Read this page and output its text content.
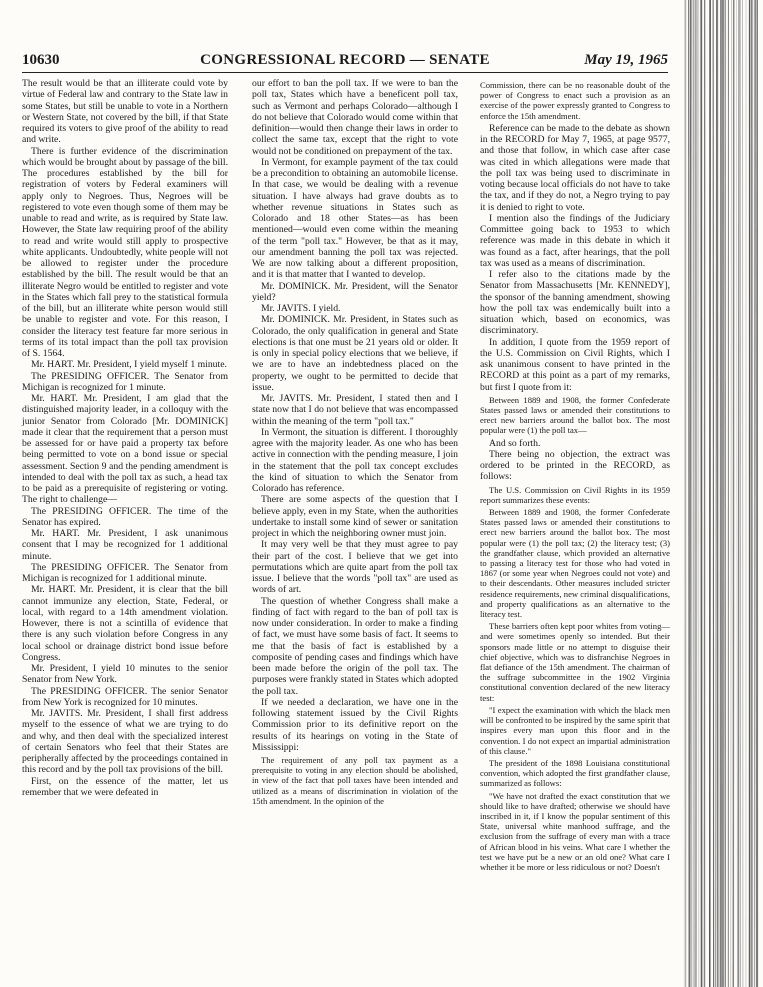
10630	CONGRESSIONAL RECORD — SENATE	May 19, 1965

The result would be that an illiterate could vote by virtue of Federal law and contrary to the State law in some States, but still be unable to vote in a Northern or Western State, not covered by the bill, if that State required its voters to give proof of the ability to read and write.

There is further evidence of the discrimination which would be brought about by passage of the bill. The procedures established by the bill for registration of voters by Federal examiners will apply only to Negroes. Thus, Negroes will be registered to vote even though some of them may be unable to read and write, as is required by State law. However, the State law requiring proof of the ability to read and write would still apply to prospective white applicants. Undoubtedly, white people will not be allowed to register under the procedure established by the bill. The result would be that an illiterate Negro would be entitled to register and vote in the States which fall prey to the statistical formula of the bill, but an illiterate white person would still be unable to register and vote. For this reason, I consider the literacy test feature far more serious in terms of its total impact than the poll tax provision of S. 1564.

Mr. HART. Mr. President, I yield myself 1 minute.

The PRESIDING OFFICER. The Senator from Michigan is recognized for 1 minute.

Mr. HART. Mr. President, I am glad that the distinguished majority leader, in a colloquy with the junior Senator from Colorado [Mr. DOMINICK] made it clear that the requirement that a person must be assessed for or have paid a property tax before being permitted to vote on a bond issue or special assessment. Section 9 and the pending amendment is intended to deal with the poll tax as such, a head tax to be paid as a prerequisite of registering or voting. The right to challenge—

The PRESIDING OFFICER. The time of the Senator has expired.

Mr. HART. Mr. President, I ask unanimous consent that I may be recognized for 1 additional minute.

The PRESIDING OFFICER. The Senator from Michigan is recognized for 1 additional minute.

Mr. HART. Mr. President, it is clear that the bill cannot immunize any election, State, Federal, or local, with regard to a 14th amendment violation. However, there is not a scintilla of evidence that there is any such violation before Congress in any local school or drainage district bond issue before Congress.

Mr. President, I yield 10 minutes to the senior Senator from New York.

The PRESIDING OFFICER. The senior Senator from New York is recognized for 10 minutes.

Mr. JAVITS. Mr. President, I shall first address myself to the essence of what we are trying to do and why, and then deal with the specialized interest of certain Senators who feel that their States are peripherally affected by the proceedings contained in this record and by the poll tax provisions of the bill.

First, on the essence of the matter, let us remember that we were defeated in

our effort to ban the poll tax. If we were to ban the poll tax, States which have a beneficent poll tax, such as Vermont and perhaps Colorado—although I do not believe that Colorado would come within that definition—would then change their laws in order to collect the same tax, except that the right to vote would not be conditioned on prepayment of the tax.

In Vermont, for example payment of the tax could be a precondition to obtaining an automobile license. In that case, we would be dealing with a revenue situation. I have always had grave doubts as to whether revenue situations in States such as Colorado and 18 other States—as has been mentioned—would even come within the meaning of the term "poll tax." However, be that as it may, our amendment banning the poll tax was rejected. We are now talking about a different proposition, and it is that matter that I wanted to develop.

Mr. DOMINICK. Mr. President, will the Senator yield?

Mr. JAVITS. I yield.

Mr. DOMINICK. Mr. President, in States such as Colorado, the only qualification in general and State elections is that one must be 21 years old or older. It is only in special policy elections that we believe, if we are to have an indebtedness placed on the property, we ought to be permitted to decide that issue.

Mr. JAVITS. Mr. President, I stated then and I state now that I do not believe that was encompassed within the meaning of the term "poll tax."

In Vermont, the situation is different. I thoroughly agree with the majority leader. As one who has been active in connection with the pending measure, I join in the statement that the poll tax concept excludes the kind of situation to which the Senator from Colorado has reference.

There are some aspects of the question that I believe apply, even in my State, when the authorities undertake to install some kind of sewer or sanitation project in which the neighboring owner must join.

It may very well be that they must agree to pay their part of the cost. I believe that we get into permutations which are quite apart from the poll tax issue. I believe that the words "poll tax" are used as words of art.

The question of whether Congress shall make a finding of fact with regard to the ban of poll tax is now under consideration. In order to make a finding of fact, we must have some basis of fact. It seems to me that the basis of fact is established by a composite of pending cases and findings which have been made before the origin of the poll tax. The purposes were frankly stated in States which adopted the poll tax.

If we needed a declaration, we have one in the following statement issued by the Civil Rights Commission prior to its definitive report on the results of its hearings on voting in the State of Mississippi:

The requirement of any poll tax payment as a prerequisite to voting in any election should be abolished, in view of the fact that poll taxes have been intended and utilized as a means of discrimination in violation of the 15th amendment. In the opinion of the

Commission, there can be no reasonable doubt of the power of Congress to enact such a provision as an exercise of the power expressly granted to Congress to enforce the 15th amendment.

Reference can be made to the debate as shown in the RECORD for May 7, 1965, at page 9577, and those that follow, in which case after case was cited in which allegations were made that the poll tax was being used to discriminate in voting because local officials do not have to take the tax, and if they do not, a Negro trying to pay it is denied to right to vote.

I mention also the findings of the Judiciary Committee going back to 1953 to which reference was made in this debate in which it was found as a fact, after hearings, that the poll tax was used as a means of discrimination.

I refer also to the citations made by the Senator from Massachusetts [Mr. KENNEDY], the sponsor of the banning amendment, showing how the poll tax was endemically built into a situation which, based on economics, was discriminatory.

In addition, I quote from the 1959 report of the U.S. Commission on Civil Rights, which I ask unanimous consent to have printed in the RECORD at this point as a part of my remarks, but first I quote from it:

Between 1889 and 1908, the former Confederate States passed laws or amended their constitutions to erect new barriers around the ballot box. The most popular were (1) the poll tax—

And so forth.

There being no objection, the extract was ordered to be printed in the RECORD, as follows:

The U.S. Commission on Civil Rights in its 1959 report summarizes these events:

Between 1889 and 1908, the former Confederate States passed laws or amended their constitutions to erect new barriers around the ballot box. The most popular were (1) the poll tax; (2) the literacy test; (3) the grandfather clause, which provided an alternative to passing a literacy test for those who had voted in 1867 (or some year when Negroes could not vote) and to their descendants. Other measures included stricter residence requirements, new criminal disqualifications, and property qualifications as an alternative to the literacy test.

These barriers often kept poor whites from voting—and were sometimes openly so intended. But their sponsors made little or no attempt to disguise their chief objective, which was to disfranchise Negroes in flat defiance of the 15th amendment. The chairman of the suffrage subcommittee in the 1902 Virginia constitutional convention declared of the new literacy test:

"I expect the examination with which the black men will be confronted to be inspired by the same spirit that inspires every man upon this floor and in the convention. I do not expect an impartial administration of this clause."

The president of the 1898 Louisiana constitutional convention, which adopted the first grandfather clause, summarized as follows:

"We have not drafted the exact constitution that we should like to have drafted; otherwise we should have inscribed in it, if I know the popular sentiment of this State, universal white manhood suffrage, and the exclusion from the suffrage of every man with a trace of African blood in his veins. What care I whether the test we have put be a new or an old one? What care I whether it be more or less ridiculous or not? Doesn't
